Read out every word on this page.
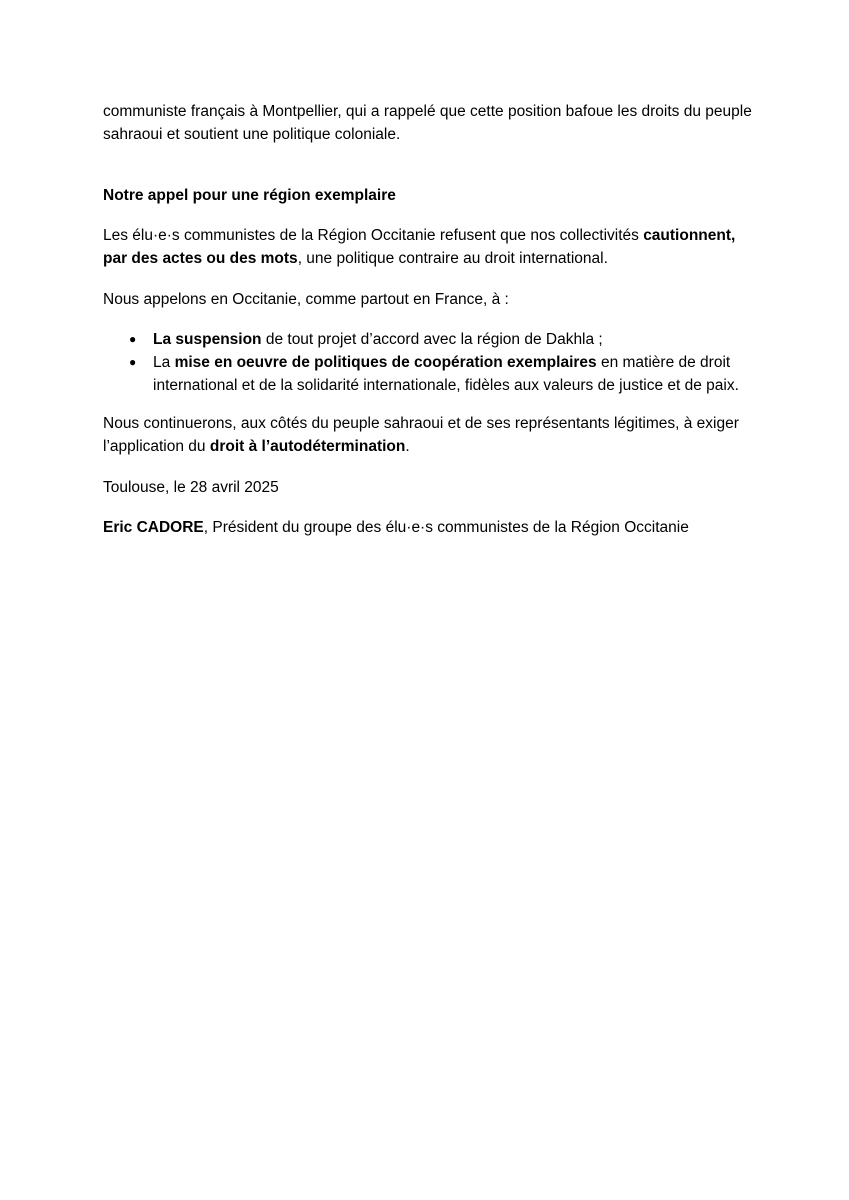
communiste français à Montpellier, qui a rappelé que cette position bafoue les droits du peuple sahraoui et soutient une politique coloniale.

Notre appel pour une région exemplaire

Les élu·e·s communistes de la Région Occitanie refusent que nos collectivités cautionnent, par des actes ou des mots, une politique contraire au droit international.

Nous appelons en Occitanie, comme partout en France, à :

● La suspension de tout projet d’accord avec la région de Dakhla ;
● La mise en oeuvre de politiques de coopération exemplaires en matière de droit international et de la solidarité internationale, fidèles aux valeurs de justice et de paix.

Nous continuerons, aux côtés du peuple sahraoui et de ses représentants légitimes, à exiger l’application du droit à l’autodétermination.

Toulouse, le 28 avril 2025

Eric CADORE, Président du groupe des élu·e·s communistes de la Région Occitanie
